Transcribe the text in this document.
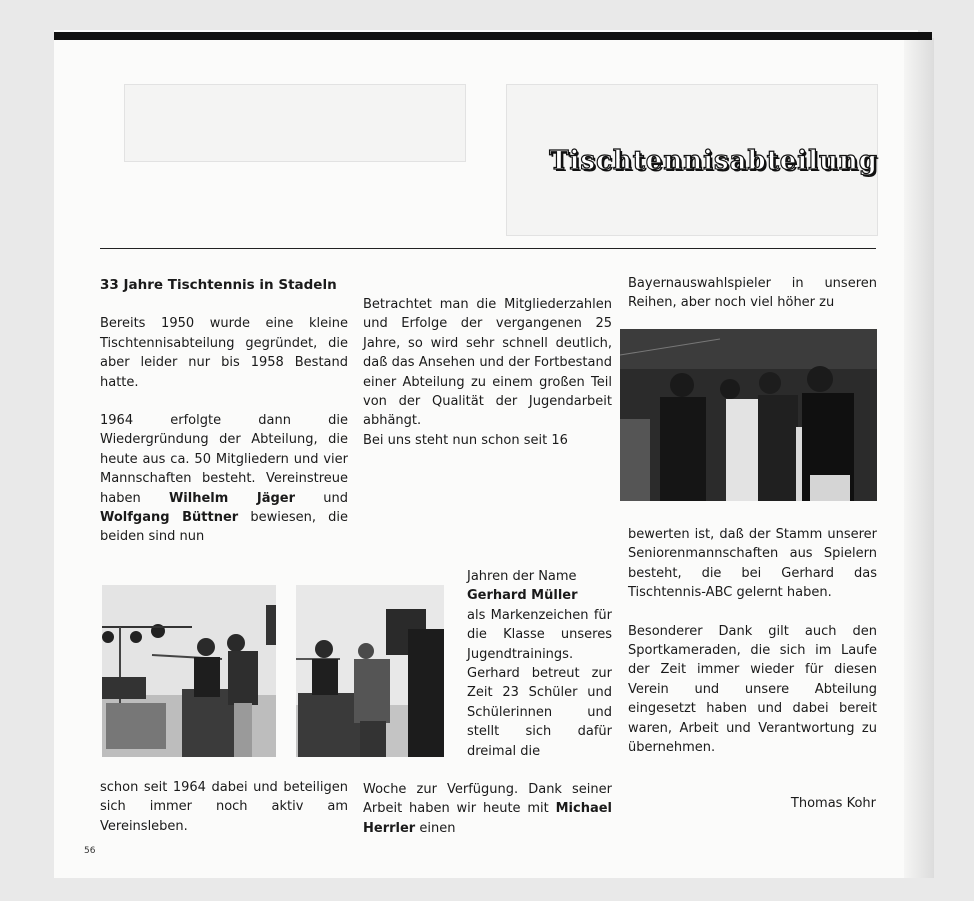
Tischtennisabteilung

33 Jahre Tischtennis in Stadeln

Bereits 1950 wurde eine kleine Tischtennisabteilung gegründet, die aber leider nur bis 1958 Bestand hatte.

1964 erfolgte dann die Wiedergründung der Abteilung, die heute aus ca. 50 Mitgliedern und vier Mannschaften besteht. Vereinstreue haben Wilhelm Jäger und Wolfgang Büttner bewiesen, die beiden sind nun

schon seit 1964 dabei und beteiligen sich immer noch aktiv am Vereinsleben.

Betrachtet man die Mitgliederzahlen und Erfolge der vergangenen 25 Jahre, so wird sehr schnell deutlich, daß das Ansehen und der Fortbestand einer Abteilung zu einem großen Teil von der Qualität der Jugendarbeit abhängt.

Bei uns steht nun schon seit 16

Jahren der Name

Gerhard Müller

als Markenzeichen für die Klasse unseres Jugendtrainings. Gerhard betreut zur Zeit 23 Schüler und Schülerinnen und stellt sich dafür dreimal die

Woche zur Verfügung. Dank seiner Arbeit haben wir heute mit Michael Herrler einen

Bayernauswahlspieler in unseren Reihen, aber noch viel höher zu

bewerten ist, daß der Stamm unserer Seniorenmannschaften aus Spielern besteht, die bei Gerhard das Tischtennis-ABC gelernt haben.

Besonderer Dank gilt auch den Sportkameraden, die sich im Laufe der Zeit immer wieder für diesen Verein und unsere Abteilung eingesetzt haben und dabei bereit waren, Arbeit und Verantwortung zu übernehmen.

Thomas Kohr
56
